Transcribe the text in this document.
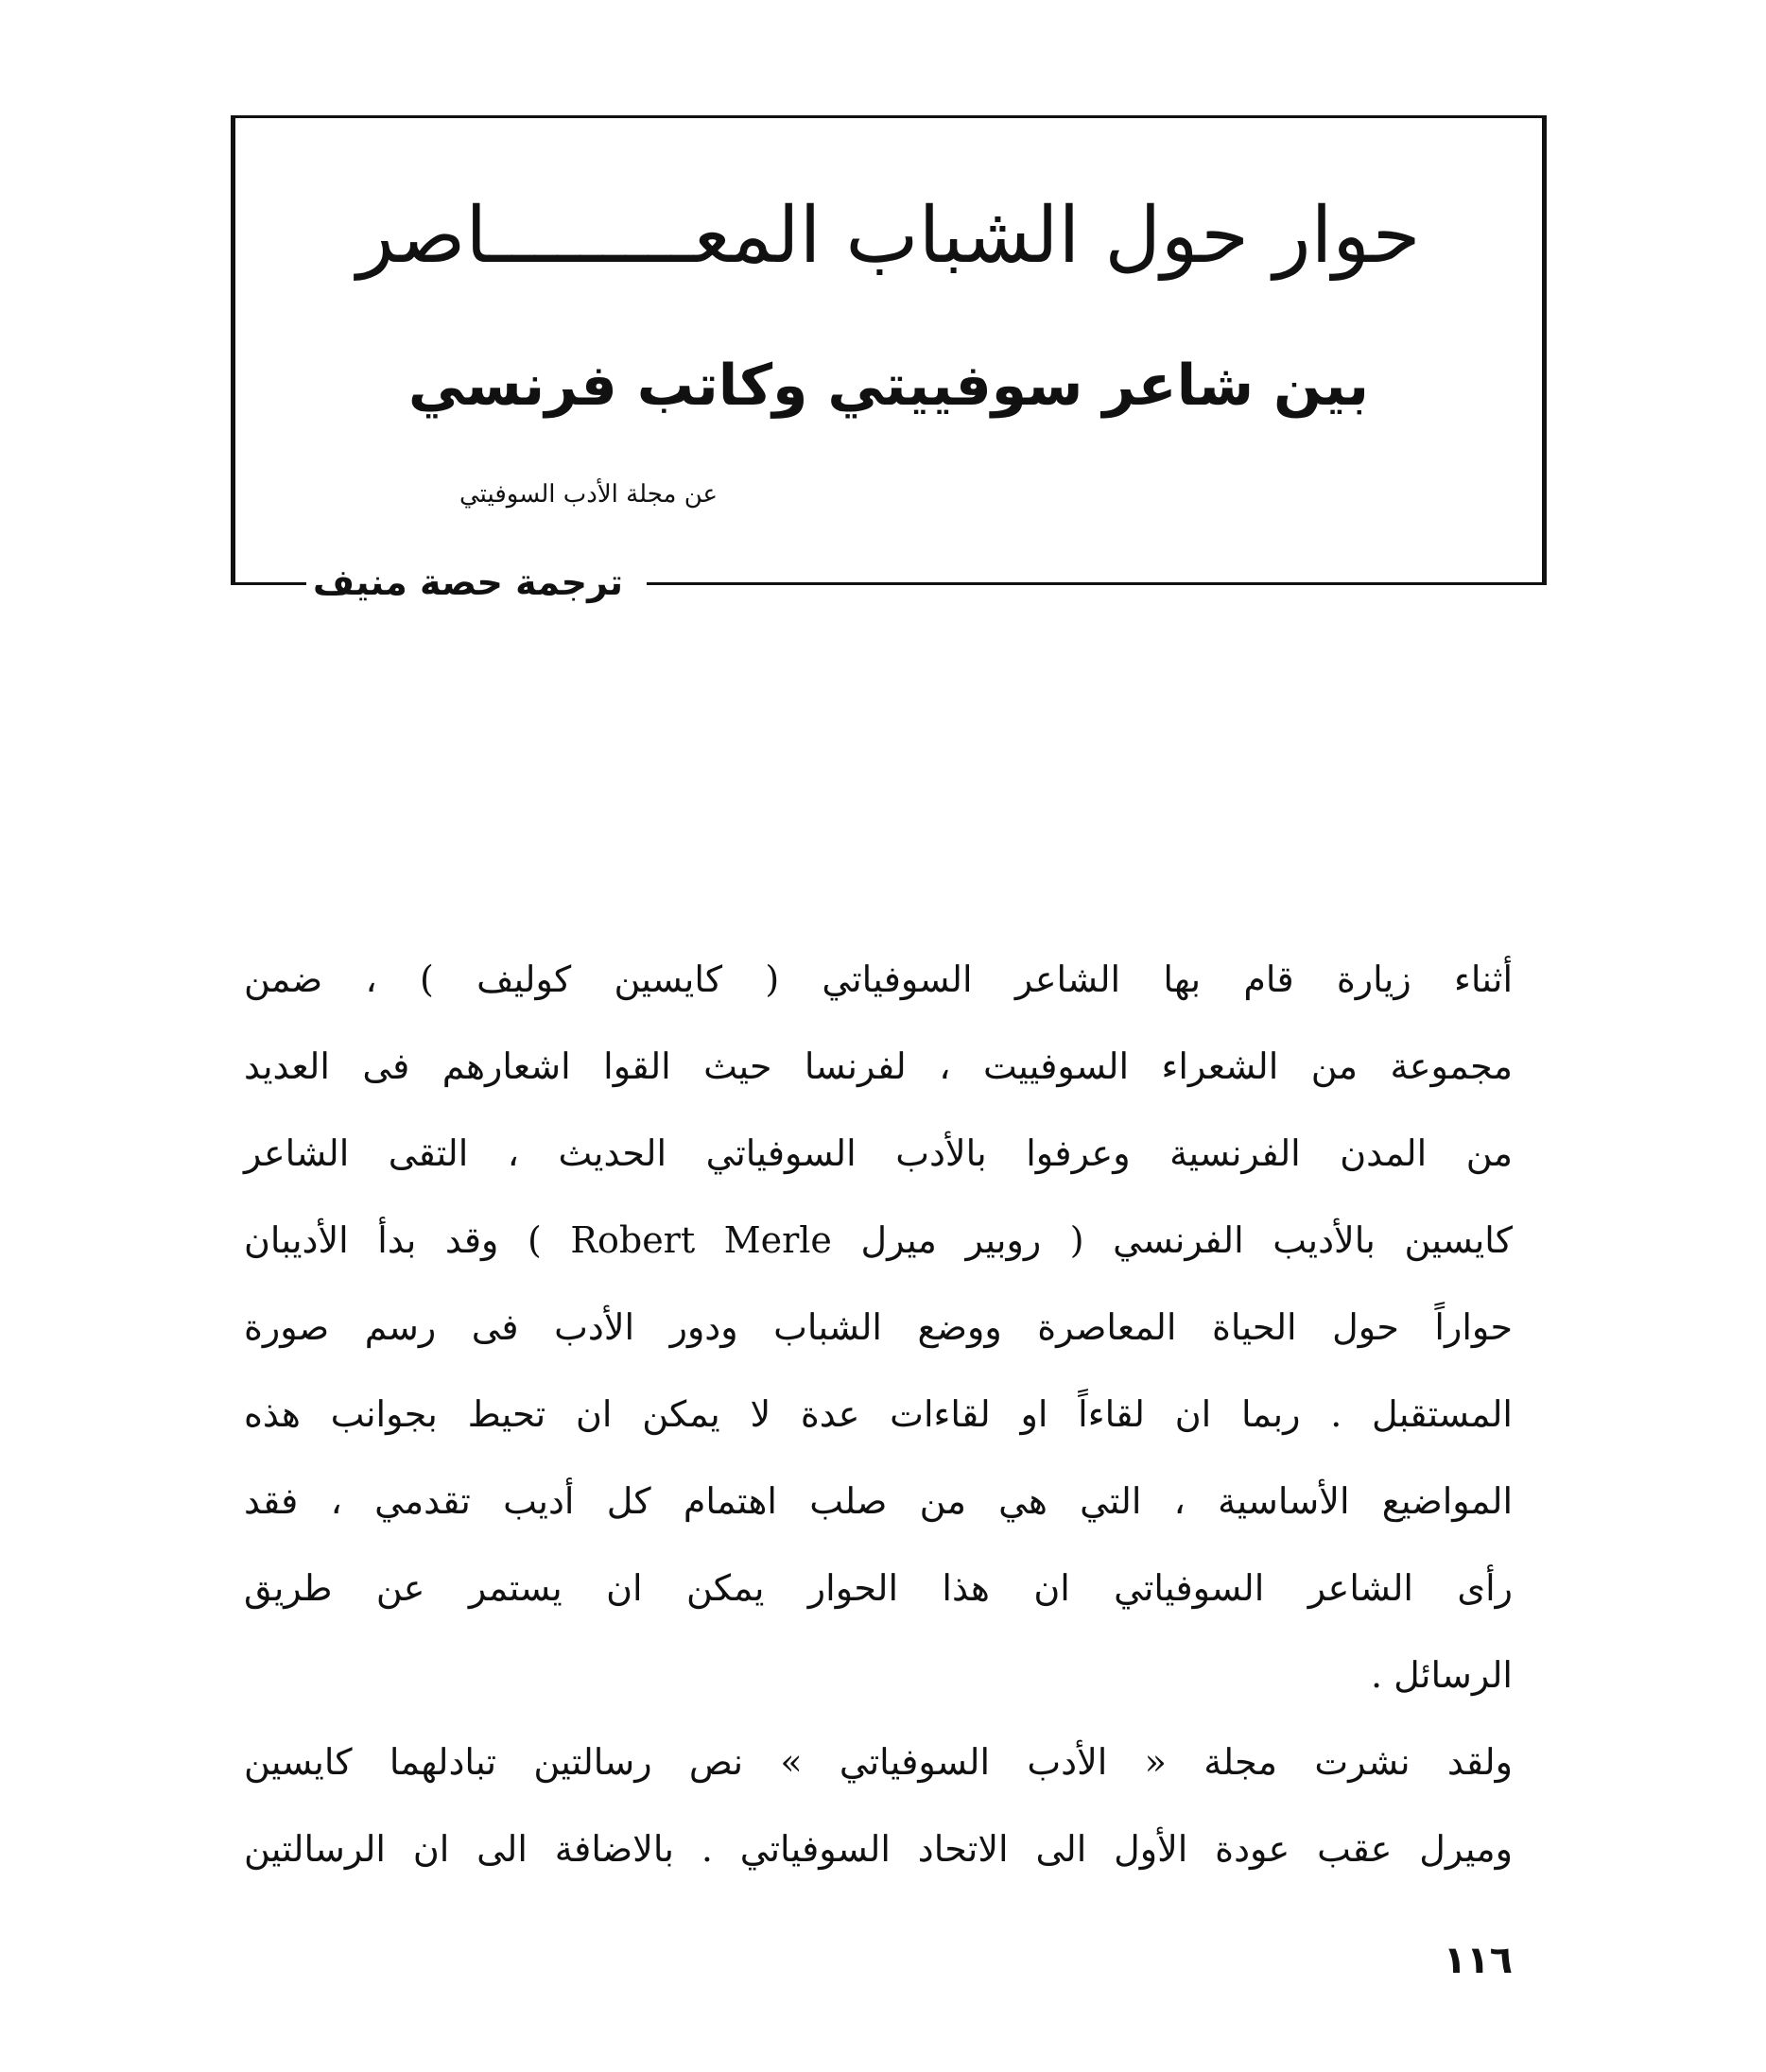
حوار حول الشباب المعـــــــــاصر
بين شاعر سوفييتي وكاتب فرنسي
عن مجلة الأدب السوفيتي
ترجمة حصة منيف
أثناء زيارة قام بها الشاعر السوفياتي ( كايسين كوليف ) ، ضمن
مجموعة من الشعراء السوفييت ، لفرنسا حيث القوا اشعارهم فى العديد
من المدن الفرنسية وعرفوا بالأدب السوفياتي الحديث ، التقى الشاعر
كايسين بالأديب الفرنسي ( روبير ميرل Robert Merle ) وقد بدأ الأديبان
حواراً حول الحياة المعاصرة ووضع الشباب ودور الأدب فى رسم صورة
المستقبل . ربما ان لقاءاً او لقاءات عدة لا يمكن ان تحيط بجوانب هذه
المواضيع الأساسية ، التي هي من صلب اهتمام كل أديب تقدمي ، فقد
رأى الشاعر السوفياتي ان هذا الحوار يمكن ان يستمر عن طريق
الرسائل .
ولقد نشرت مجلة « الأدب السوفياتي » نص رسالتين تبادلهما كايسين
وميرل عقب عودة الأول الى الاتحاد السوفياتي . بالاضافة الى ان الرسالتين
١١٦
